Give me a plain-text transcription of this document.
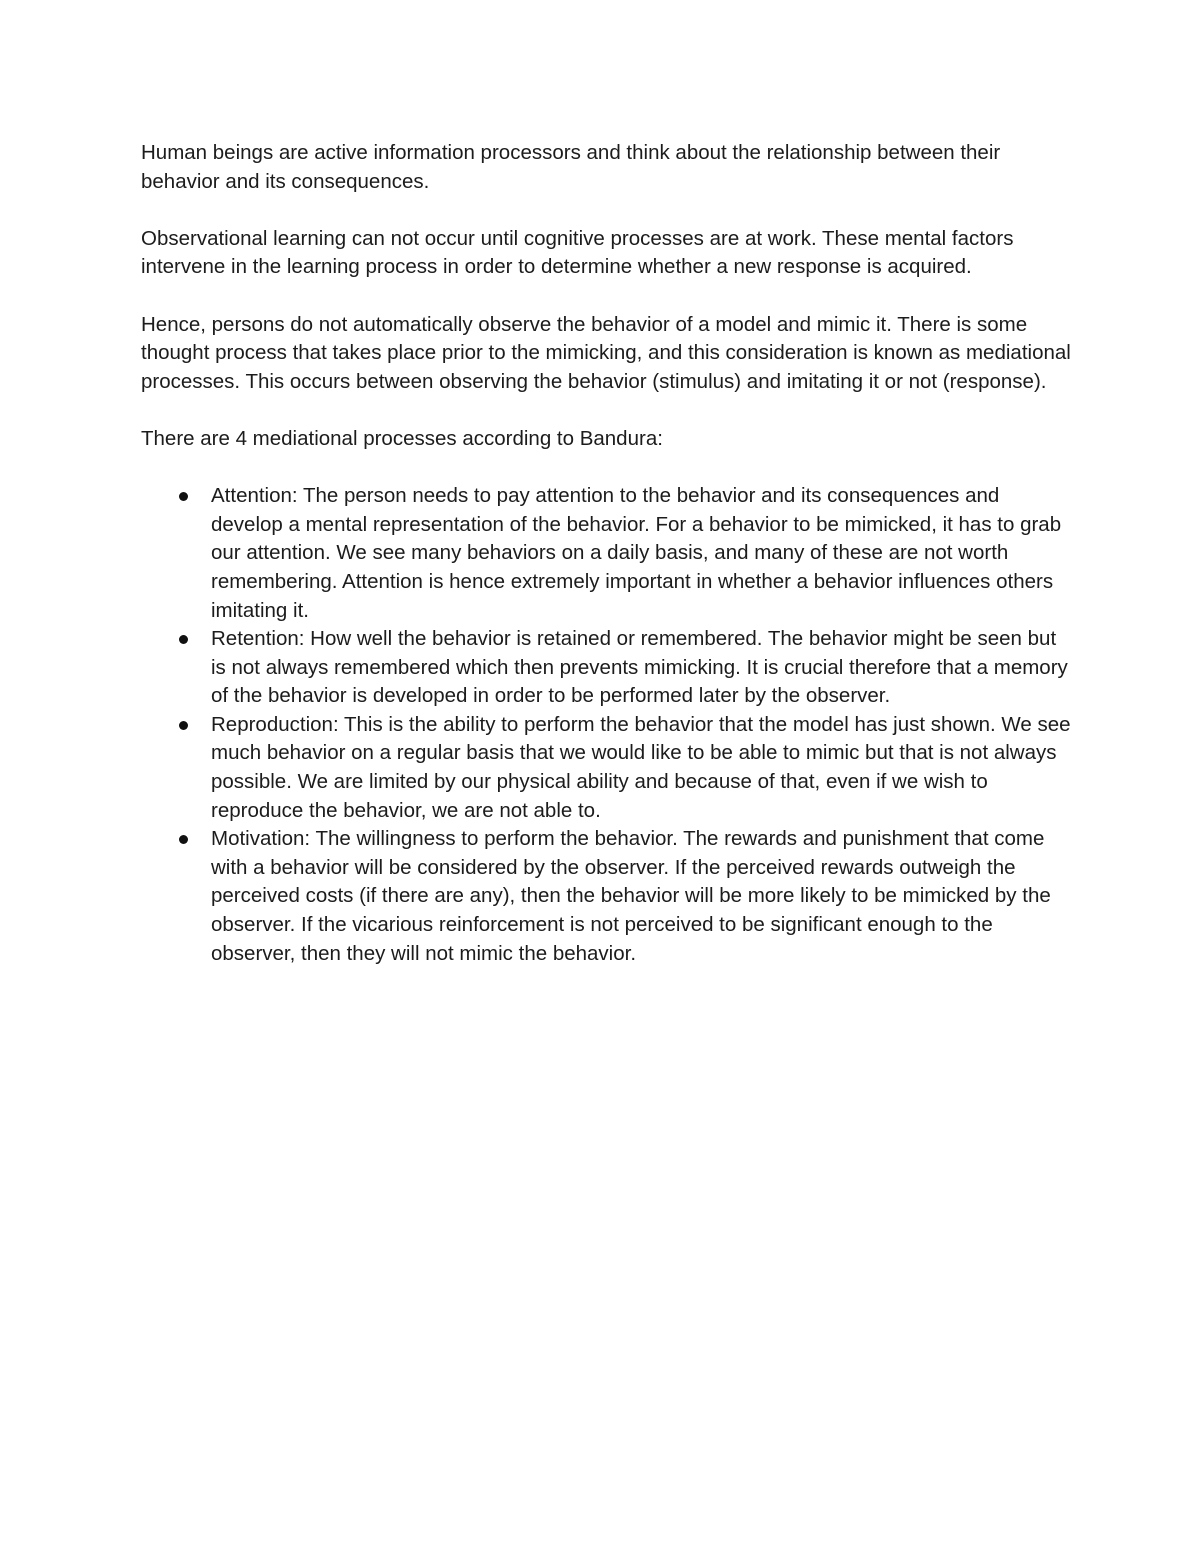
Human beings are active information processors and think about the relationship between their behavior and its consequences.

Observational learning can not occur until cognitive processes are at work. These mental factors intervene in the learning process in order to determine whether a new response is acquired.

Hence, persons do not automatically observe the behavior of a model and mimic it. There is some thought process that takes place prior to the mimicking, and this consideration is known as mediational processes. This occurs between observing the behavior (stimulus) and imitating it or not (response).

There are 4 mediational processes according to Bandura:

Attention: The person needs to pay attention to the behavior and its consequences and develop a mental representation of the behavior. For a behavior to be mimicked, it has to grab our attention. We see many behaviors on a daily basis, and many of these are not worth remembering. Attention is hence extremely important in whether a behavior influences others imitating it.
Retention: How well the behavior is retained or remembered. The behavior might be seen but is not always remembered which then prevents mimicking. It is crucial therefore that a memory of the behavior is developed in order to be performed later by the observer.
Reproduction: This is the ability to perform the behavior that the model has just shown. We see much behavior on a regular basis that we would like to be able to mimic but that is not always possible. We are limited by our physical ability and because of that, even if we wish to reproduce the behavior, we are not able to.
Motivation: The willingness to perform the behavior. The rewards and punishment that come with a behavior will be considered by the observer. If the perceived rewards outweigh the perceived costs (if there are any), then the behavior will be more likely to be mimicked by the observer. If the vicarious reinforcement is not perceived to be significant enough to the observer, then they will not mimic the behavior.
